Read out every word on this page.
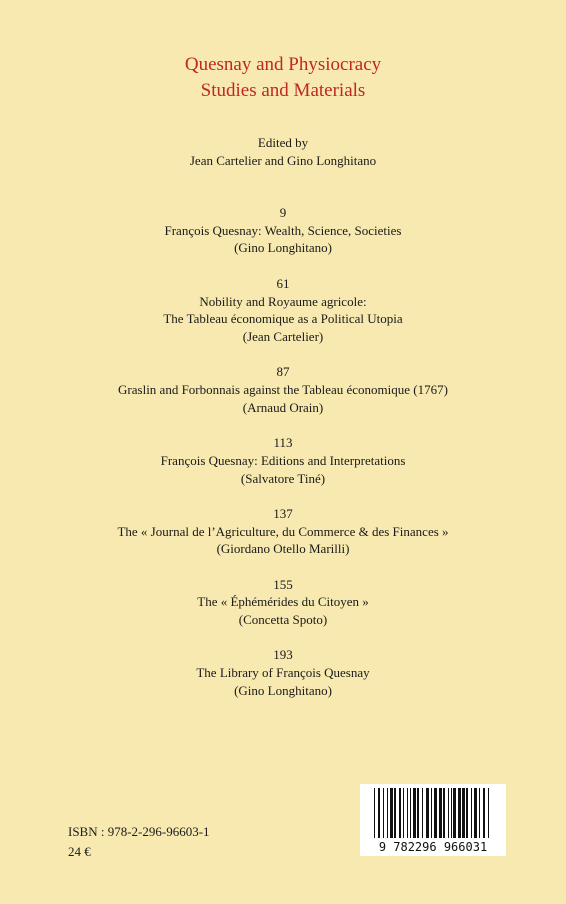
Quesnay and Physiocracy
Studies and Materials
Edited by
Jean Cartelier and Gino Longhitano
9
François Quesnay: Wealth, Science, Societies
(Gino Longhitano)
61
Nobility and Royaume agricole:
The Tableau économique as a Political Utopia
(Jean Cartelier)
87
Graslin and Forbonnais against the Tableau économique (1767)
(Arnaud Orain)
113
François Quesnay: Editions and Interpretations
(Salvatore Tiné)
137
The « Journal de l’Agriculture, du Commerce & des Finances »
(Giordano Otello Marilli)
155
The « Éphémérides du Citoyen »
(Concetta Spoto)
193
The Library of François Quesnay
(Gino Longhitano)
ISBN : 978-2-296-96603-1
24 €	9 782296 966031
